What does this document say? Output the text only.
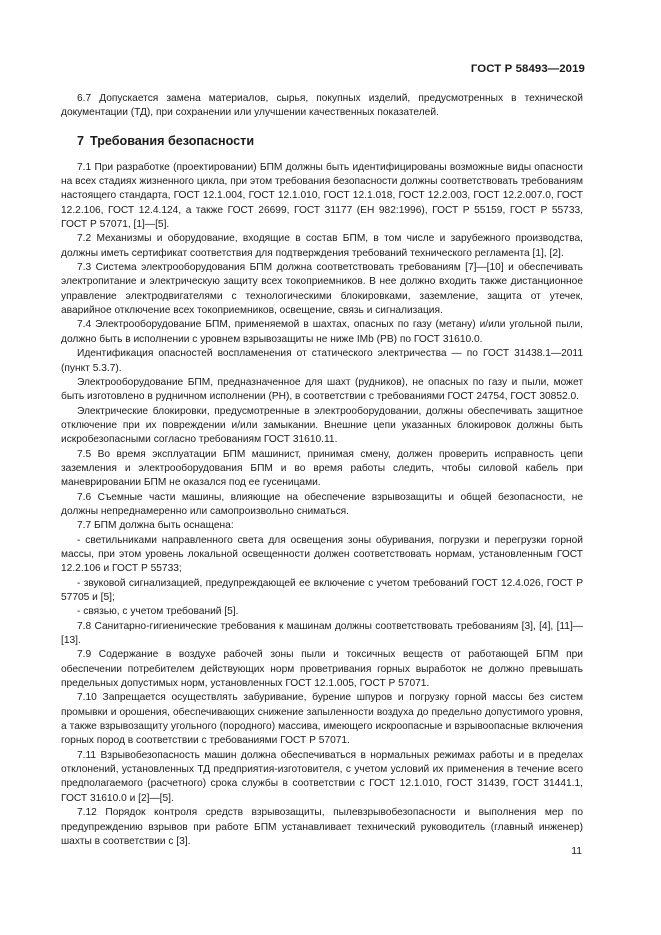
ГОСТ Р 58493—2019

6.7 Допускается замена материалов, сырья, покупных изделий, предусмотренных в технической документации (ТД), при сохранении или улучшении качественных показателей.

7 Требования безопасности

7.1 При разработке (проектировании) БПМ должны быть идентифицированы возможные виды опасности на всех стадиях жизненного цикла, при этом требования безопасности должны соответствовать требованиям настоящего стандарта, ГОСТ 12.1.004, ГОСТ 12.1.010, ГОСТ 12.1.018, ГОСТ 12.2.003, ГОСТ 12.2.007.0, ГОСТ 12.2.106, ГОСТ 12.4.124, а также ГОСТ 26699, ГОСТ 31177 (ЕН 982:1996), ГОСТ Р 55159, ГОСТ Р 55733, ГОСТ Р 57071, [1]—[5].

7.2 Механизмы и оборудование, входящие в состав БПМ, в том числе и зарубежного производства, должны иметь сертификат соответствия для подтверждения требований технического регламента [1], [2].

7.3 Система электрооборудования БПМ должна соответствовать требованиям [7]—[10] и обеспечивать электропитание и электрическую защиту всех токоприемников. В нее должно входить также дистанционное управление электродвигателями с технологическими блокировками, заземление, защита от утечек, аварийное отключение всех токоприемников, освещение, связь и сигнализация.

7.4 Электрооборудование БПМ, применяемой в шахтах, опасных по газу (метану) и/или угольной пыли, должно быть в исполнении с уровнем взрывозащиты не ниже IMb (РВ) по ГОСТ 31610.0.

Идентификация опасностей воспламенения от статического электричества — по ГОСТ 31438.1—2011 (пункт 5.3.7).

Электрооборудование БПМ, предназначенное для шахт (рудников), не опасных по газу и пыли, может быть изготовлено в рудничном исполнении (РН), в соответствии с требованиями ГОСТ 24754, ГОСТ 30852.0.

Электрические блокировки, предусмотренные в электрооборудовании, должны обеспечивать защитное отключение при их повреждении и/или замыкании. Внешние цепи указанных блокировок должны быть искробезопасными согласно требованиям ГОСТ 31610.11.

7.5 Во время эксплуатации БПМ машинист, принимая смену, должен проверить исправность цепи заземления и электрооборудования БПМ и во время работы следить, чтобы силовой кабель при маневрировании БПМ не оказался под ее гусеницами.

7.6 Съемные части машины, влияющие на обеспечение взрывозащиты и общей безопасности, не должны непреднамеренно или самопроизвольно сниматься.

7.7 БПМ должна быть оснащена:

- светильниками направленного света для освещения зоны обуривания, погрузки и перегрузки горной массы, при этом уровень локальной освещенности должен соответствовать нормам, установленным ГОСТ 12.2.106 и ГОСТ Р 55733;

- звуковой сигнализацией, предупреждающей ее включение с учетом требований ГОСТ 12.4.026, ГОСТ Р 57705 и [5];

- связью, с учетом требований [5].

7.8 Санитарно-гигиенические требования к машинам должны соответствовать требованиям [3], [4], [11]—[13].

7.9 Содержание в воздухе рабочей зоны пыли и токсичных веществ от работающей БПМ при обеспечении потребителем действующих норм проветривания горных выработок не должно превышать предельных допустимых норм, установленных ГОСТ 12.1.005, ГОСТ Р 57071.

7.10 Запрещается осуществлять забуривание, бурение шпуров и погрузку горной массы без систем промывки и орошения, обеспечивающих снижение запыленности воздуха до предельно допустимого уровня, а также взрывозащиту угольного (породного) массива, имеющего искроопасные и взрывоопасные включения горных пород в соответствии с требованиями ГОСТ Р 57071.

7.11 Взрывобезопасность машин должна обеспечиваться в нормальных режимах работы и в пределах отклонений, установленных ТД предприятия-изготовителя, с учетом условий их применения в течение всего предполагаемого (расчетного) срока службы в соответствии с ГОСТ 12.1.010, ГОСТ 31439, ГОСТ 31441.1, ГОСТ 31610.0 и [2]—[5].

7.12 Порядок контроля средств взрывозащиты, пылевзрывобезопасности и выполнения мер по предупреждению взрывов при работе БПМ устанавливает технический руководитель (главный инженер) шахты в соответствии с [3].

11
